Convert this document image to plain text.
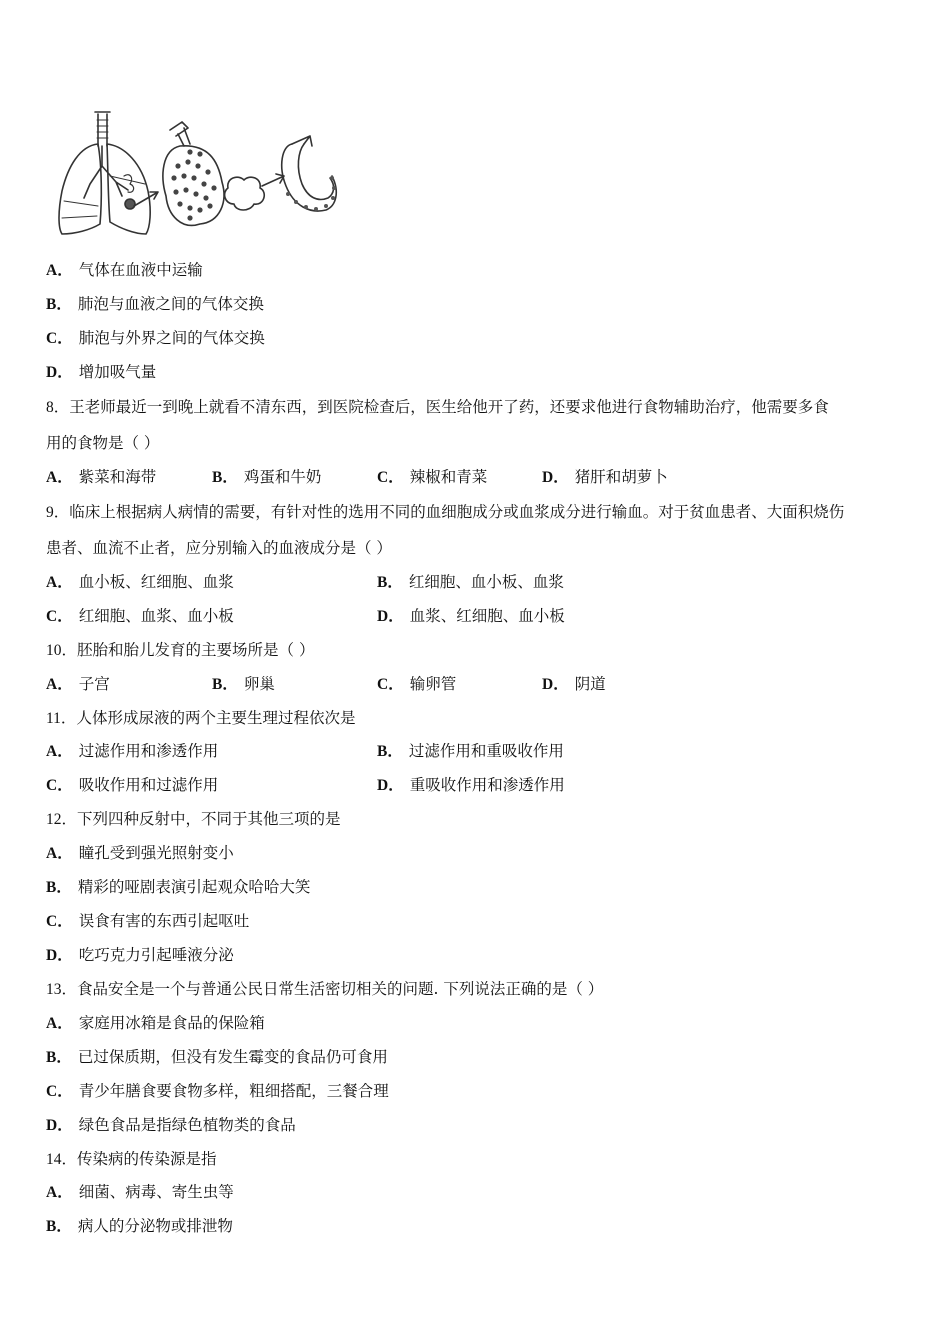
A． 气体在血液中运输
B． 肺泡与血液之间的气体交换
C． 肺泡与外界之间的气体交换
D． 增加吸气量
8．王老师最近一到晚上就看不清东西，到医院检查后，医生给他开了药，还要求他进行食物辅助治疗，他需要多食
用的食物是（ ）
A． 紫菜和海带	B． 鸡蛋和牛奶	C． 辣椒和青菜	D． 猪肝和胡萝卜
9．临床上根据病人病情的需要，有针对性的选用不同的血细胞成分或血浆成分进行输血。对于贫血患者、大面积烧伤
患者、血流不止者，应分别输入的血液成分是（ ）
A． 血小板、红细胞、血浆	B． 红细胞、血小板、血浆
C． 红细胞、血浆、血小板	D． 血浆、红细胞、血小板
10．胚胎和胎儿发育的主要场所是（ ）
A． 子宫	B． 卵巢	C． 输卵管	D． 阴道
11．人体形成尿液的两个主要生理过程依次是
A． 过滤作用和渗透作用	B． 过滤作用和重吸收作用
C． 吸收作用和过滤作用	D． 重吸收作用和渗透作用
12．下列四种反射中，不同于其他三项的是
A． 瞳孔受到强光照射变小
B． 精彩的哑剧表演引起观众哈哈大笑
C． 误食有害的东西引起呕吐
D． 吃巧克力引起唾液分泌
13．食品安全是一个与普通公民日常生活密切相关的问题. 下列说法正确的是（ ）
A． 家庭用冰箱是食品的保险箱
B． 已过保质期，但没有发生霉变的食品仍可食用
C． 青少年膳食要食物多样，粗细搭配，三餐合理
D． 绿色食品是指绿色植物类的食品
14．传染病的传染源是指
A． 细菌、病毒、寄生虫等
B． 病人的分泌物或排泄物
